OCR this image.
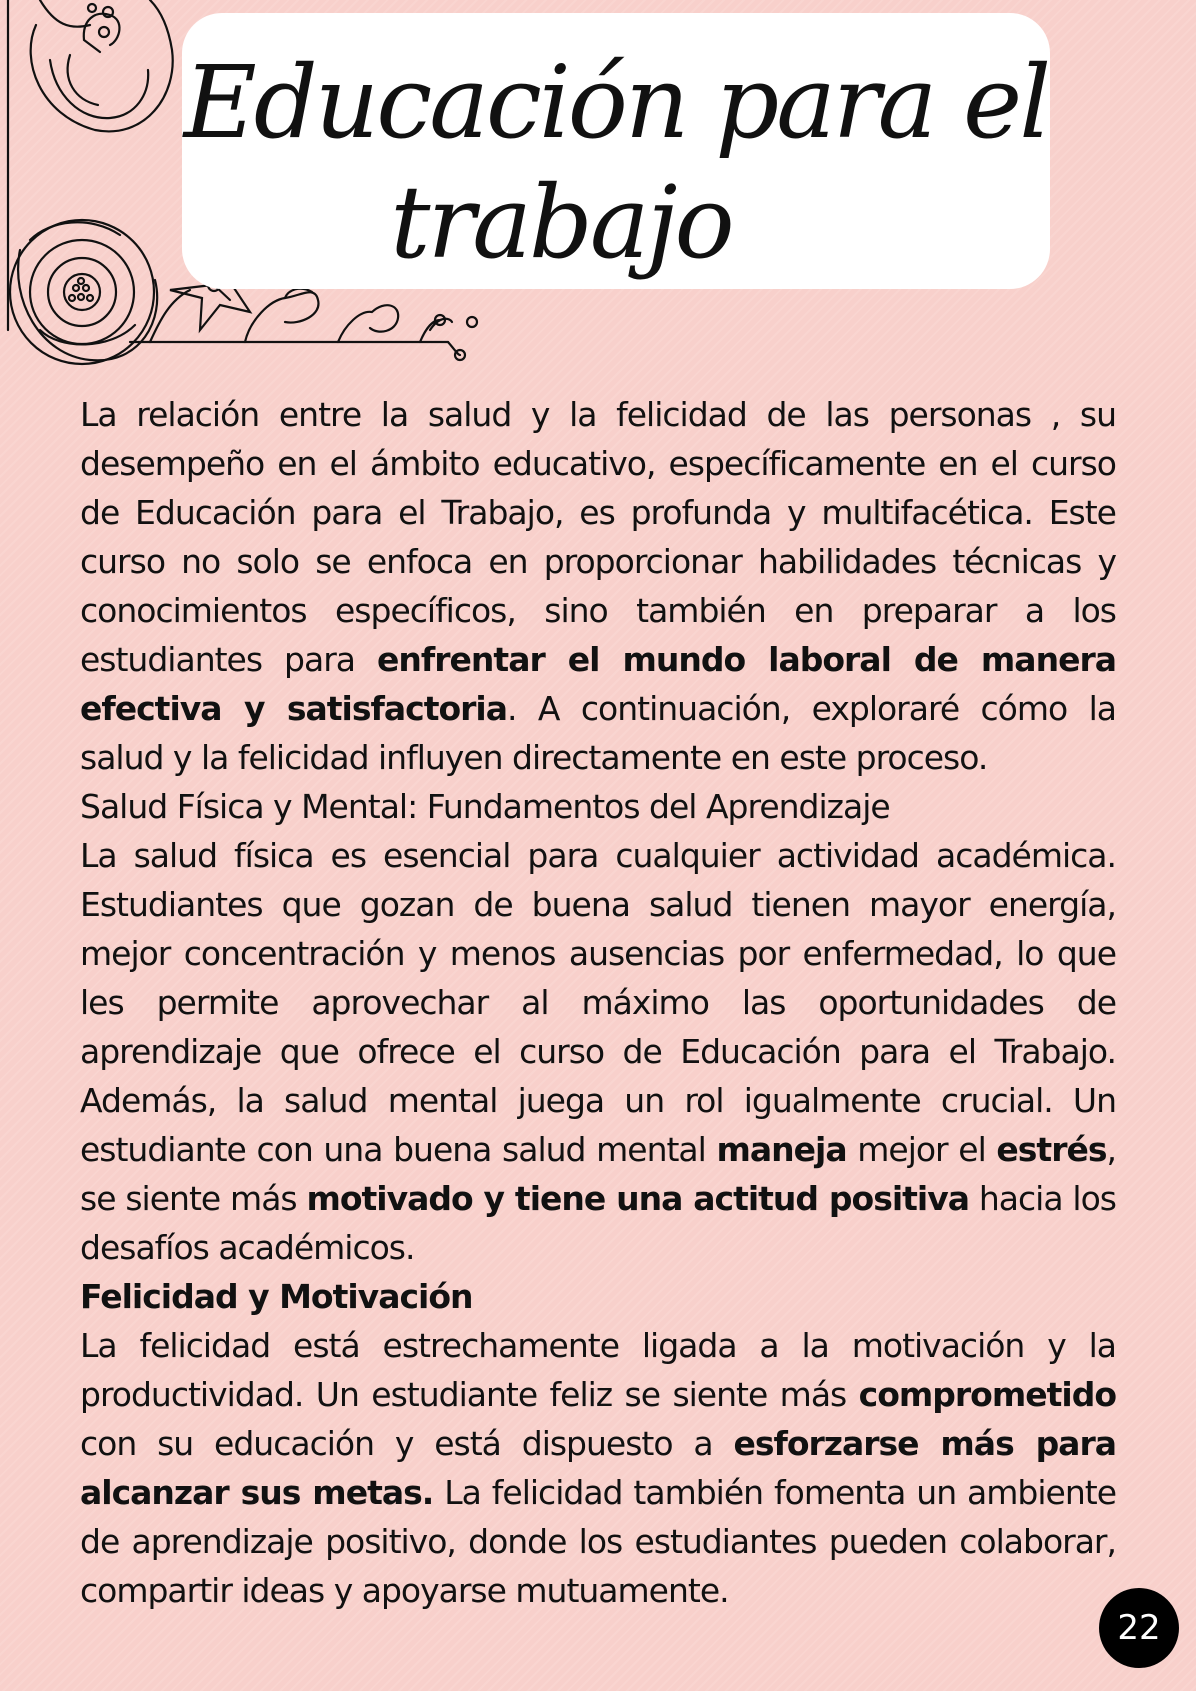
Educación para el
trabajo

La relación entre la salud y la felicidad de las personas , su desempeño en el ámbito educativo, específicamente en el curso de Educación para el Trabajo, es profunda y multifacética. Este curso no solo se enfoca en proporcionar habilidades técnicas y conocimientos específicos, sino también en preparar a los estudiantes para enfrentar el mundo laboral de manera efectiva y satisfactoria. A continuación, exploraré cómo la salud y la felicidad influyen directamente en este proceso.

Salud Física y Mental: Fundamentos del Aprendizaje

La salud física es esencial para cualquier actividad académica. Estudiantes que gozan de buena salud tienen mayor energía, mejor concentración y menos ausencias por enfermedad, lo que les permite aprovechar al máximo las oportunidades de aprendizaje que ofrece el curso de Educación para el Trabajo. Además, la salud mental juega un rol igualmente crucial. Un estudiante con una buena salud mental maneja mejor el estrés, se siente más motivado y tiene una actitud positiva hacia los desafíos académicos.

Felicidad y Motivación

La felicidad está estrechamente ligada a la motivación y la productividad. Un estudiante feliz se siente más comprometido con su educación y está dispuesto a esforzarse más para alcanzar sus metas. La felicidad también fomenta un ambiente de aprendizaje positivo, donde los estudiantes pueden colaborar, compartir ideas y apoyarse mutuamente.

22
